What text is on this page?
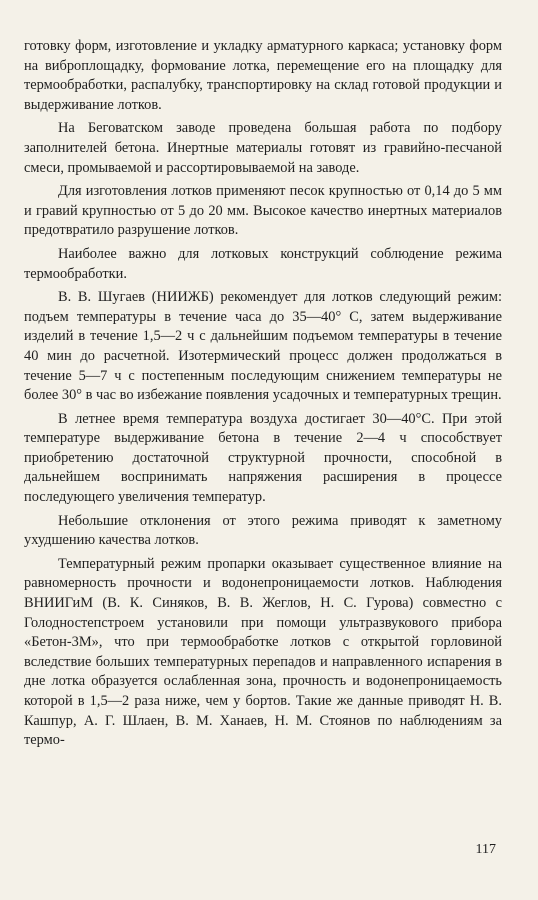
готовку форм, изготовление и укладку арматурного каркаса; установку форм на виброплощадку, формование лотка, перемещение его на площадку для термообработки, распалубку, транспортировку на склад готовой продукции и выдерживание лотков.

На Беговатском заводе проведена большая работа по подбору заполнителей бетона. Инертные материалы готовят из гравийно-песчаной смеси, промываемой и рассортировываемой на заводе.

Для изготовления лотков применяют песок крупностью от 0,14 до 5 мм и гравий крупностью от 5 до 20 мм. Высокое качество инертных материалов предотвратило разрушение лотков.

Наиболее важно для лотковых конструкций соблюдение режима термообработки.

В. В. Шугаев (НИИЖБ) рекомендует для лотков следующий режим: подъем температуры в течение часа до 35—40° С, затем выдерживание изделий в течение 1,5—2 ч с дальнейшим подъемом температуры в течение 40 мин до расчетной. Изотермический процесс должен продолжаться в течение 5—7 ч с постепенным последующим снижением температуры не более 30° в час во избежание появления усадочных и температурных трещин.

В летнее время температура воздуха достигает 30—40°С. При этой температуре выдерживание бетона в течение 2—4 ч способствует приобретению достаточной структурной прочности, способной в дальнейшем воспринимать напряжения расширения в процессе последующего увеличения температур.

Небольшие отклонения от этого режима приводят к заметному ухудшению качества лотков.

Температурный режим пропарки оказывает существенное влияние на равномерность прочности и водонепроницаемости лотков. Наблюдения ВНИИГиМ (В. К. Синяков, В. В. Жеглов, Н. С. Гурова) совместно с Голодностепстроем установили при помощи ультразвукового прибора «Бетон-3М», что при термообработке лотков с открытой горловиной вследствие больших температурных перепадов и направленного испарения в дне лотка образуется ослабленная зона, прочность и водонепроницаемость которой в 1,5—2 раза ниже, чем у бортов. Такие же данные приводят Н. В. Кашпур, А. Г. Шлаен, В. М. Ханаев, Н. М. Стоянов по наблюдениям за термо-

117
